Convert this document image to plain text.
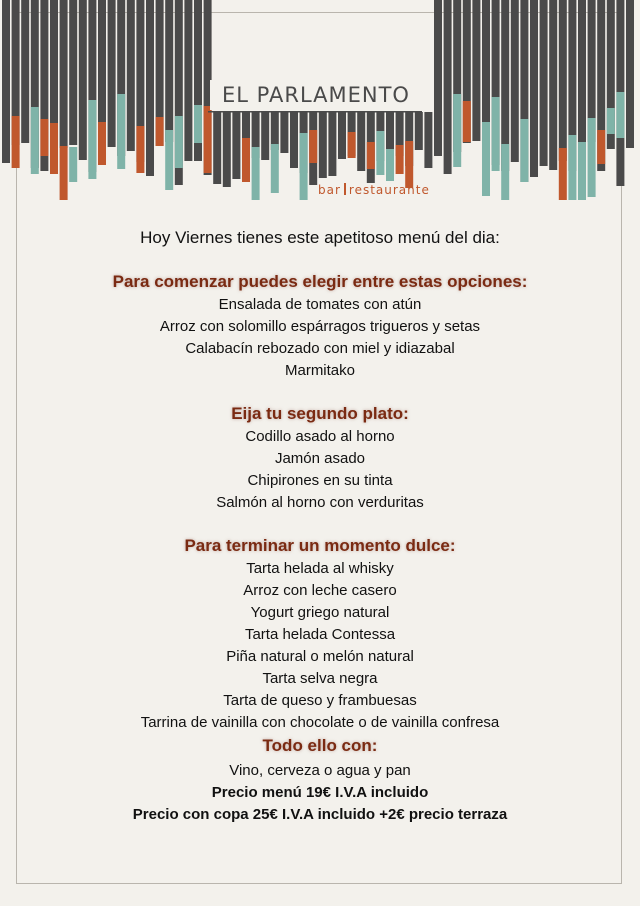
EL PARLAMENTO
bar restaurante
Hoy Viernes tienes este apetitoso menú del dia:
Para comenzar puedes elegir entre estas opciones:
Ensalada de tomates con atún
Arroz con solomillo espárragos trigueros y setas
Calabacín rebozado con miel y idiazabal
Marmitako
Eija tu segundo plato:
Codillo asado al horno
Jamón asado
Chipirones en su tinta
Salmón al horno con verduritas
Para terminar un momento dulce:
Tarta helada al whisky
Arroz con leche casero
Yogurt griego natural
Tarta helada Contessa
Piña natural o melón natural
Tarta selva negra
Tarta de queso y frambuesas
Tarrina de vainilla con chocolate o de vainilla confresa
Todo ello con:
Vino, cerveza o agua y pan
Precio menú 19€ I.V.A incluido
Precio con copa 25€ I.V.A incluido +2€ precio terraza
